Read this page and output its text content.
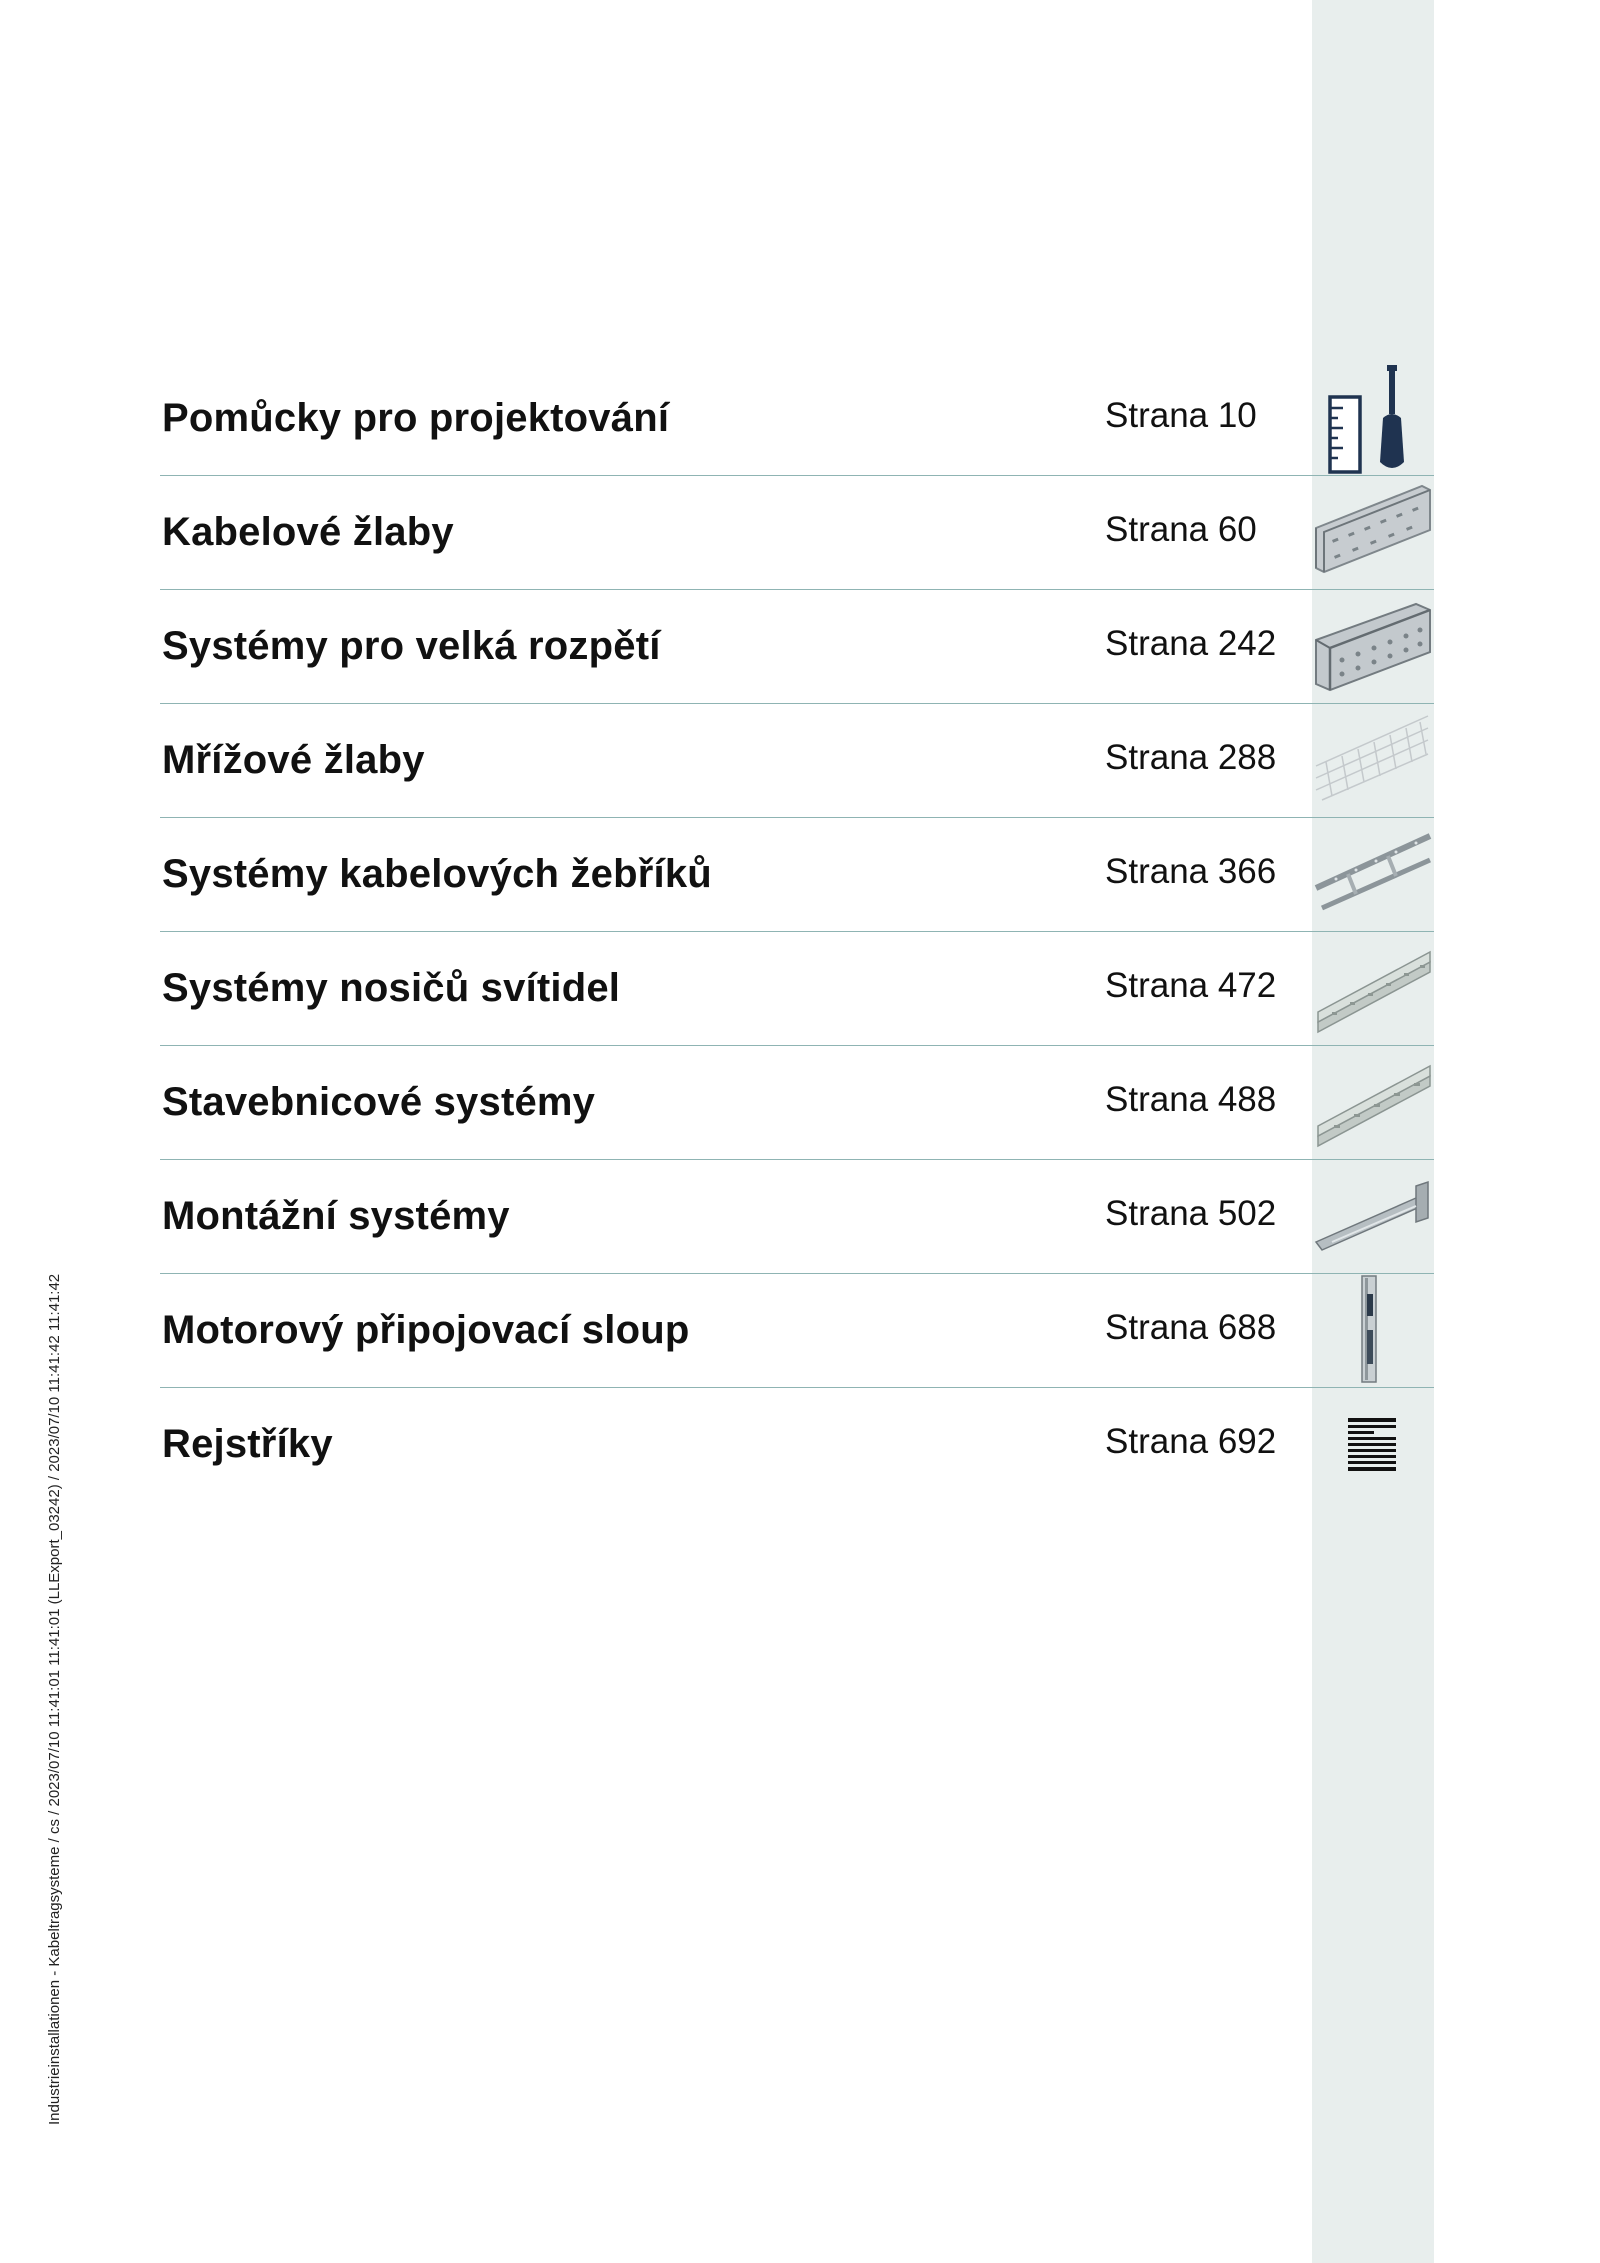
Pomůcky pro projektování	Strana 10
Kabelové žlaby	Strana 60
Systémy pro velká rozpětí	Strana 242
Mřížové žlaby	Strana 288
Systémy kabelových žebříků	Strana 366
Systémy nosičů svítidel	Strana 472
Stavebnicové systémy	Strana 488
Montážní systémy	Strana 502
Motorový připojovací sloup	Strana 688
Rejstříky	Strana 692
Industrieinstallationen - Kabeltragsysteme / cs / 2023/07/10 11:41:01 11:41:01 (LLExport_03242) / 2023/07/10 11:41:42 11:41:42
